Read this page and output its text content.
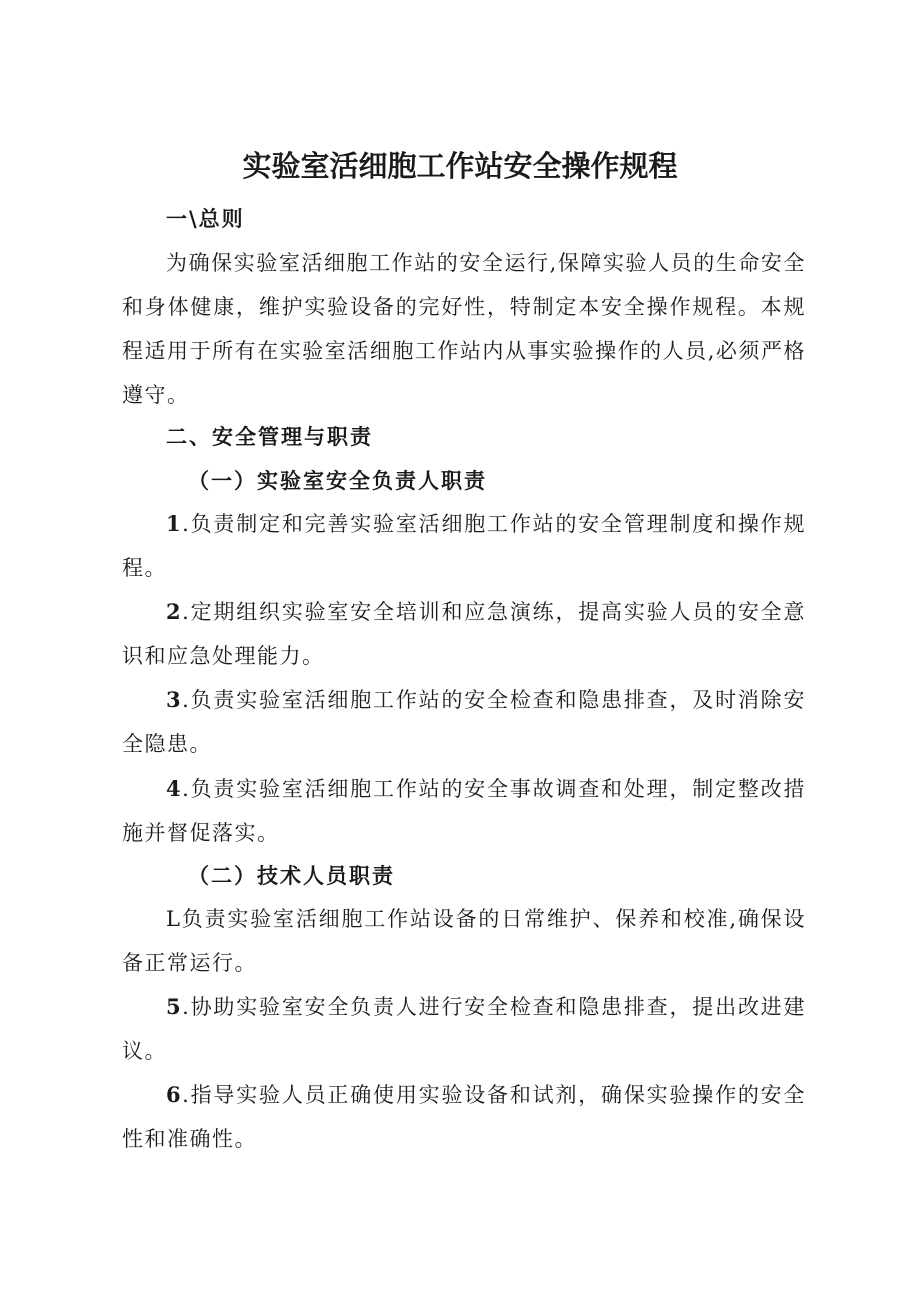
实验室活细胞工作站安全操作规程

一\总则

为确保实验室活细胞工作站的安全运行,保障实验人员的生命安全和身体健康，维护实验设备的完好性，特制定本安全操作规程。本规程适用于所有在实验室活细胞工作站内从事实验操作的人员,必须严格遵守。

二、安全管理与职责

（一）实验室安全负责人职责

1.负责制定和完善实验室活细胞工作站的安全管理制度和操作规程。

2.定期组织实验室安全培训和应急演练，提高实验人员的安全意识和应急处理能力。

3.负责实验室活细胞工作站的安全检查和隐患排查，及时消除安全隐患。

4.负责实验室活细胞工作站的安全事故调查和处理，制定整改措施并督促落实。

（二）技术人员职责

L负责实验室活细胞工作站设备的日常维护、保养和校准,确保设备正常运行。

5.协助实验室安全负责人进行安全检查和隐患排查，提出改进建议。

6.指导实验人员正确使用实验设备和试剂，确保实验操作的安全性和准确性。
